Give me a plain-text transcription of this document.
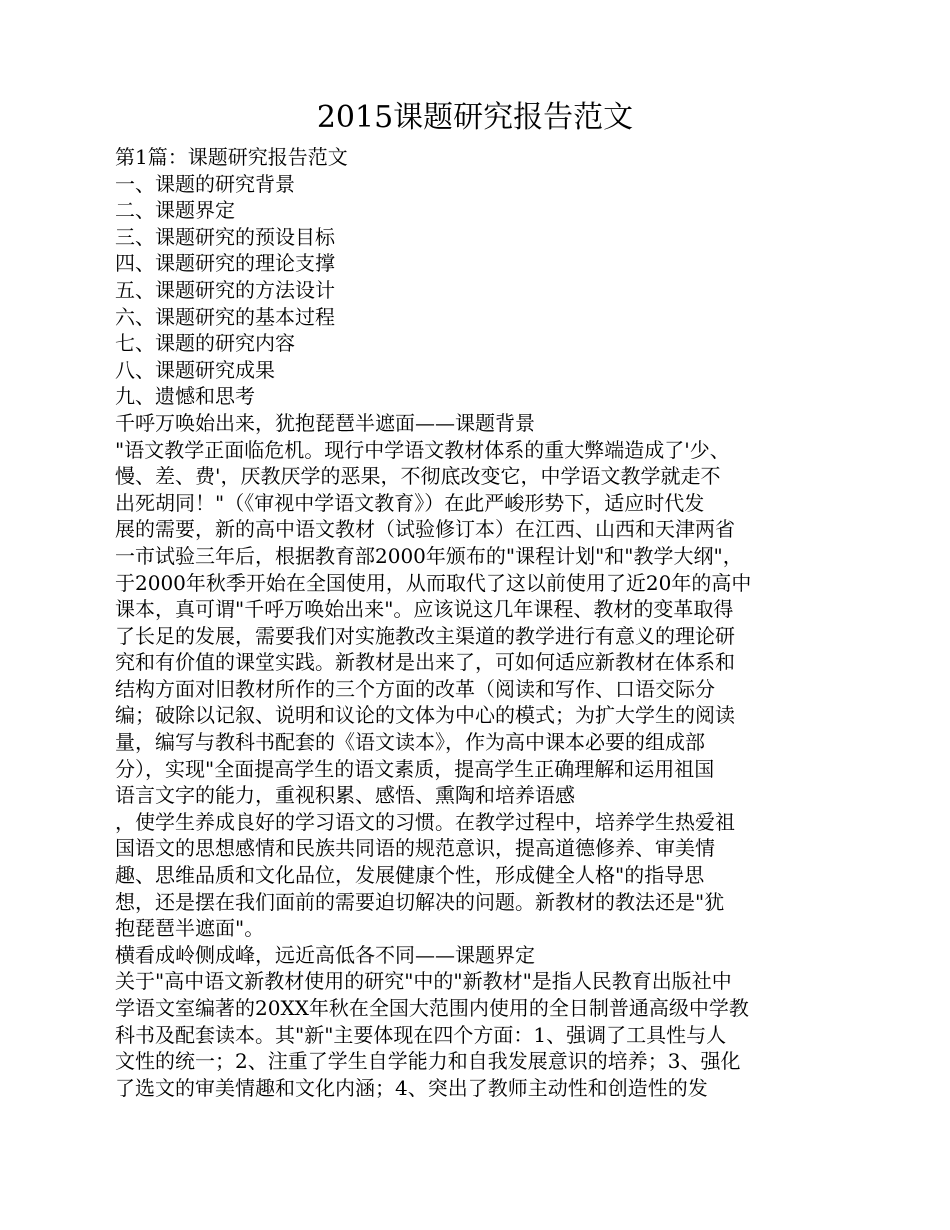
2015课题研究报告范文
第1篇：课题研究报告范文
一、课题的研究背景
二、课题界定
三、课题研究的预设目标
四、课题研究的理论支撑
五、课题研究的方法设计
六、课题研究的基本过程
七、课题的研究内容
八、课题研究成果
九、遗憾和思考
千呼万唤始出来，犹抱琵琶半遮面——课题背景
"语文教学正面临危机。现行中学语文教材体系的重大弊端造成了'少、
慢、差、费'，厌教厌学的恶果，不彻底改变它，中学语文教学就走不
出死胡同！"（《审视中学语文教育》）在此严峻形势下，适应时代发
展的需要，新的高中语文教材（试验修订本）在江西、山西和天津两省
一市试验三年后，根据教育部2000年颁布的"课程计划"和"教学大纲"，
于2000年秋季开始在全国使用，从而取代了这以前使用了近20年的高中
课本，真可谓"千呼万唤始出来"。应该说这几年课程、教材的变革取得
了长足的发展，需要我们对实施教改主渠道的教学进行有意义的理论研
究和有价值的课堂实践。新教材是出来了，可如何适应新教材在体系和
结构方面对旧教材所作的三个方面的改革（阅读和写作、口语交际分
编；破除以记叙、说明和议论的文体为中心的模式；为扩大学生的阅读
量，编写与教科书配套的《语文读本》，作为高中课本必要的组成部
分），实现"全面提高学生的语文素质，提高学生正确理解和运用祖国
语言文字的能力，重视积累、感悟、熏陶和培养语感
，使学生养成良好的学习语文的习惯。在教学过程中，培养学生热爱祖
国语文的思想感情和民族共同语的规范意识，提高道德修养、审美情
趣、思维品质和文化品位，发展健康个性，形成健全人格"的指导思
想，还是摆在我们面前的需要迫切解决的问题。新教材的教法还是"犹
抱琵琶半遮面"。
横看成岭侧成峰，远近高低各不同——课题界定
关于"高中语文新教材使用的研究"中的"新教材"是指人民教育出版社中
学语文室编著的20XX年秋在全国大范围内使用的全日制普通高级中学教
科书及配套读本。其"新"主要体现在四个方面：1、强调了工具性与人
文性的统一；2、注重了学生自学能力和自我发展意识的培养；3、强化
了选文的审美情趣和文化内涵；4、突出了教师主动性和创造性的发
